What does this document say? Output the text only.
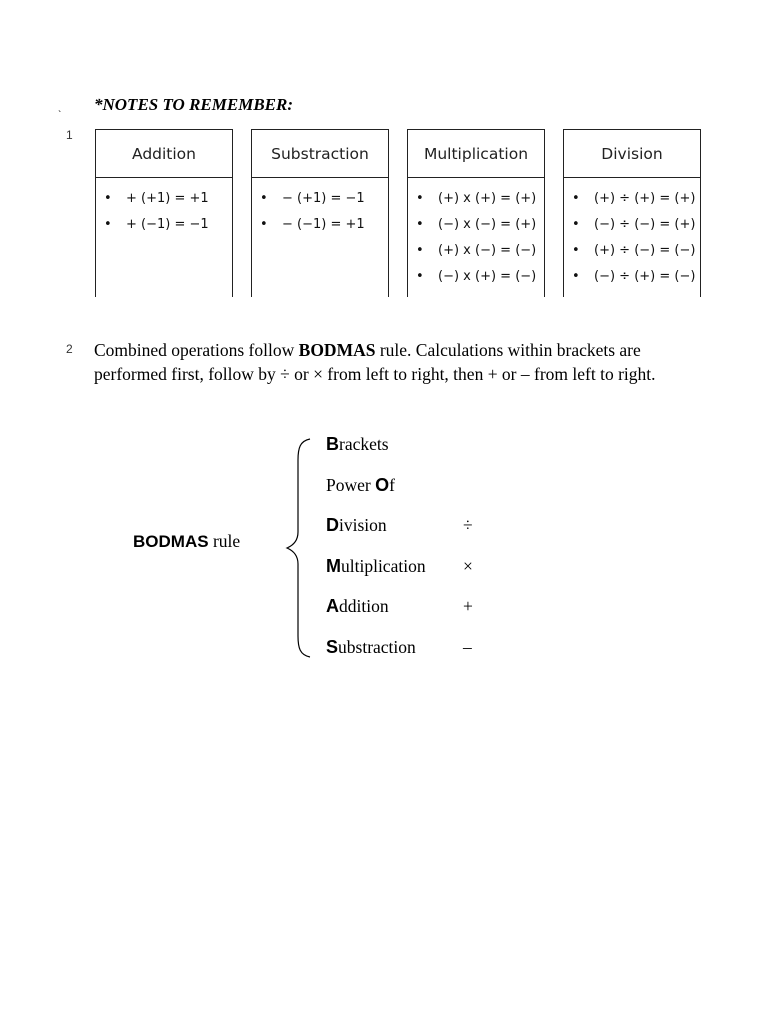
`
*NOTES TO REMEMBER:
1
Addition
• + (+1) = +1
• + (−1) = −1
Substraction
• − (+1) = −1
• − (−1) = +1
Multiplication
• (+) x (+) = (+)
• (−) x (−) = (+)
• (+) x (−) = (−)
• (−) x (+) = (−)
Division
• (+) ÷ (+) = (+)
• (−) ÷ (−) = (+)
• (+) ÷ (−) = (−)
• (−) ÷ (+) = (−)
2 Combined operations follow BODMAS rule. Calculations within brackets are performed first, follow by ÷ or × from left to right, then + or – from left to right.
BODMAS rule
Brackets
Power Of
Division	÷
Multiplication ×
Addition	+
Substraction	–
